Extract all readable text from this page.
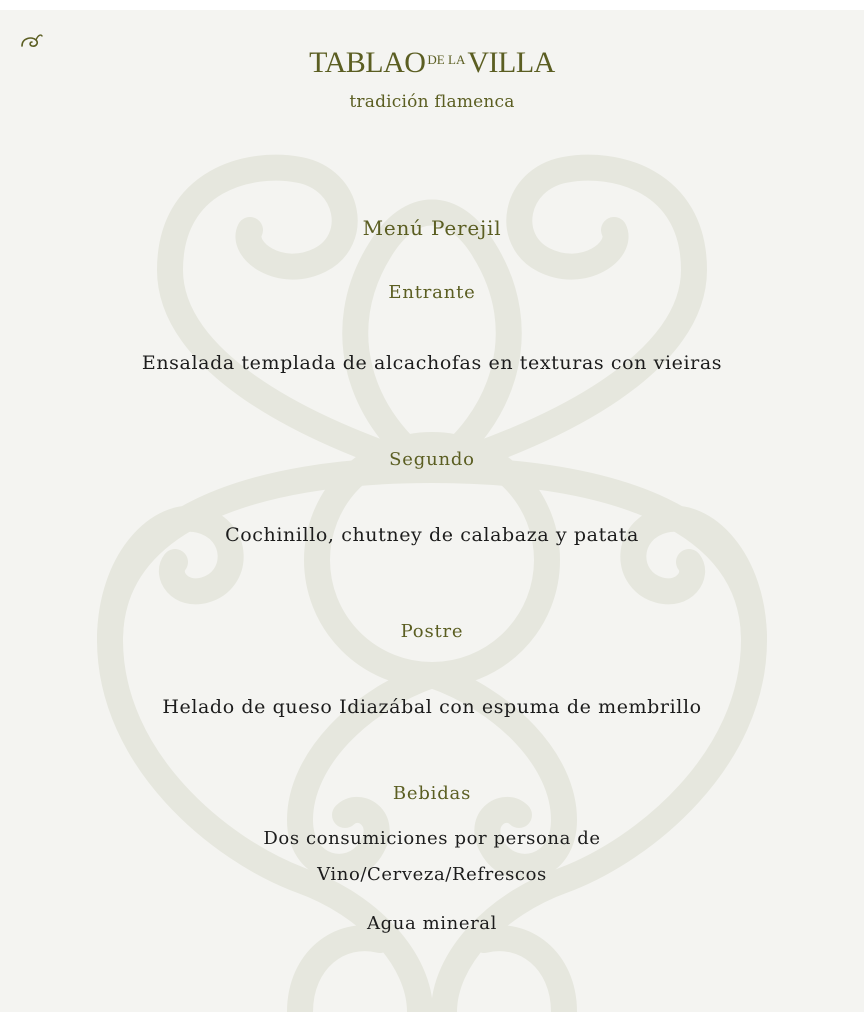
TABLAO $^{DE LA}$VILLA
tradición flamenca
Menú Perejil
Entrante
Ensalada templada de alcachofas en texturas con vieiras
Segundo
Cochinillo, chutney de calabaza y patata
Postre
Helado de queso Idiazábal con espuma de membrillo
Bebidas
Dos consumiciones por persona de
Vino/Cerveza/Refrescos
Agua mineral
